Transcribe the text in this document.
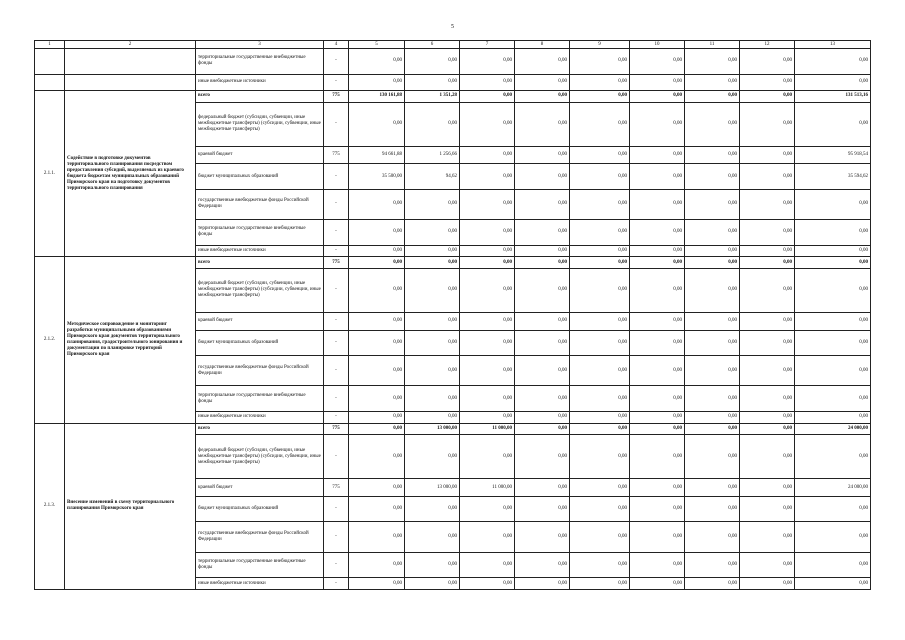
5
1	2	3	4	5	6	7	8	9	10	11	12	13
		территориальные государственные внебюджетные фонды	-	0,00	0,00	0,00	0,00	0,00	0,00	0,00	0,00	0,00
		иные внебюджетные источники	-	0,00	0,00	0,00	0,00	0,00	0,00	0,00	0,00	0,00
2.1.1.	Содействие в подготовке документов территориального планирования посредством предоставления субсидий, выделяемых из краевого бюджета бюджетам муниципальных образований Приморского края на подготовку документов территориального планирования	всего	775	130 161,88	1 351,28	0,00	0,00	0,00	0,00	0,00	0,00	131 513,16
		федеральный бюджет (субсидии, субвенции, иные межбюджетные трансферты) (субсидии, субвенции, иные межбюджетные трансферты)	-	0,00	0,00	0,00	0,00	0,00	0,00	0,00	0,00	0,00
		краевой бюджет	775	94 661,88	1 256,66	0,00	0,00	0,00	0,00	0,00	0,00	95 918,54
		бюджет муниципальных образований	-	35 500,00	94,62	0,00	0,00	0,00	0,00	0,00	0,00	35 594,62
		государственные внебюджетные фонды Российской Федерации	-	0,00	0,00	0,00	0,00	0,00	0,00	0,00	0,00	0,00
		территориальные государственные внебюджетные фонды	-	0,00	0,00	0,00	0,00	0,00	0,00	0,00	0,00	0,00
		иные внебюджетные источники	-	0,00	0,00	0,00	0,00	0,00	0,00	0,00	0,00	0,00
2.1.2.	Методическое сопровождение и мониторинг разработки муниципальными образованиями Приморского края документов территориального планирования, градостроительного зонирования и документации по планировке территорий Приморского края	всего	775	0,00	0,00	0,00	0,00	0,00	0,00	0,00	0,00	0,00
		федеральный бюджет (субсидии, субвенции, иные межбюджетные трансферты) (субсидии, субвенции, иные межбюджетные трансферты)	-	0,00	0,00	0,00	0,00	0,00	0,00	0,00	0,00	0,00
		краевой бюджет	-	0,00	0,00	0,00	0,00	0,00	0,00	0,00	0,00	0,00
		бюджет муниципальных образований	-	0,00	0,00	0,00	0,00	0,00	0,00	0,00	0,00	0,00
		государственные внебюджетные фонды Российской Федерации	-	0,00	0,00	0,00	0,00	0,00	0,00	0,00	0,00	0,00
		территориальные государственные внебюджетные фонды	-	0,00	0,00	0,00	0,00	0,00	0,00	0,00	0,00	0,00
		иные внебюджетные источники	-	0,00	0,00	0,00	0,00	0,00	0,00	0,00	0,00	0,00
2.1.3.	Внесение изменений в схему территориального планирования Приморского края	всего	775	0,00	13 000,00	11 000,00	0,00	0,00	0,00	0,00	0,00	24 000,00
		федеральный бюджет (субсидии, субвенции, иные межбюджетные трансферты) (субсидии, субвенции, иные межбюджетные трансферты)	-	0,00	0,00	0,00	0,00	0,00	0,00	0,00	0,00	0,00
		краевой бюджет	775	0,00	13 000,00	11 000,00	0,00	0,00	0,00	0,00	0,00	24 000,00
		бюджет муниципальных образований	-	0,00	0,00	0,00	0,00	0,00	0,00	0,00	0,00	0,00
		государственные внебюджетные фонды Российской Федерации	-	0,00	0,00	0,00	0,00	0,00	0,00	0,00	0,00	0,00
		территориальные государственные внебюджетные фонды	-	0,00	0,00	0,00	0,00	0,00	0,00	0,00	0,00	0,00
		иные внебюджетные источники	-	0,00	0,00	0,00	0,00	0,00	0,00	0,00	0,00	0,00
